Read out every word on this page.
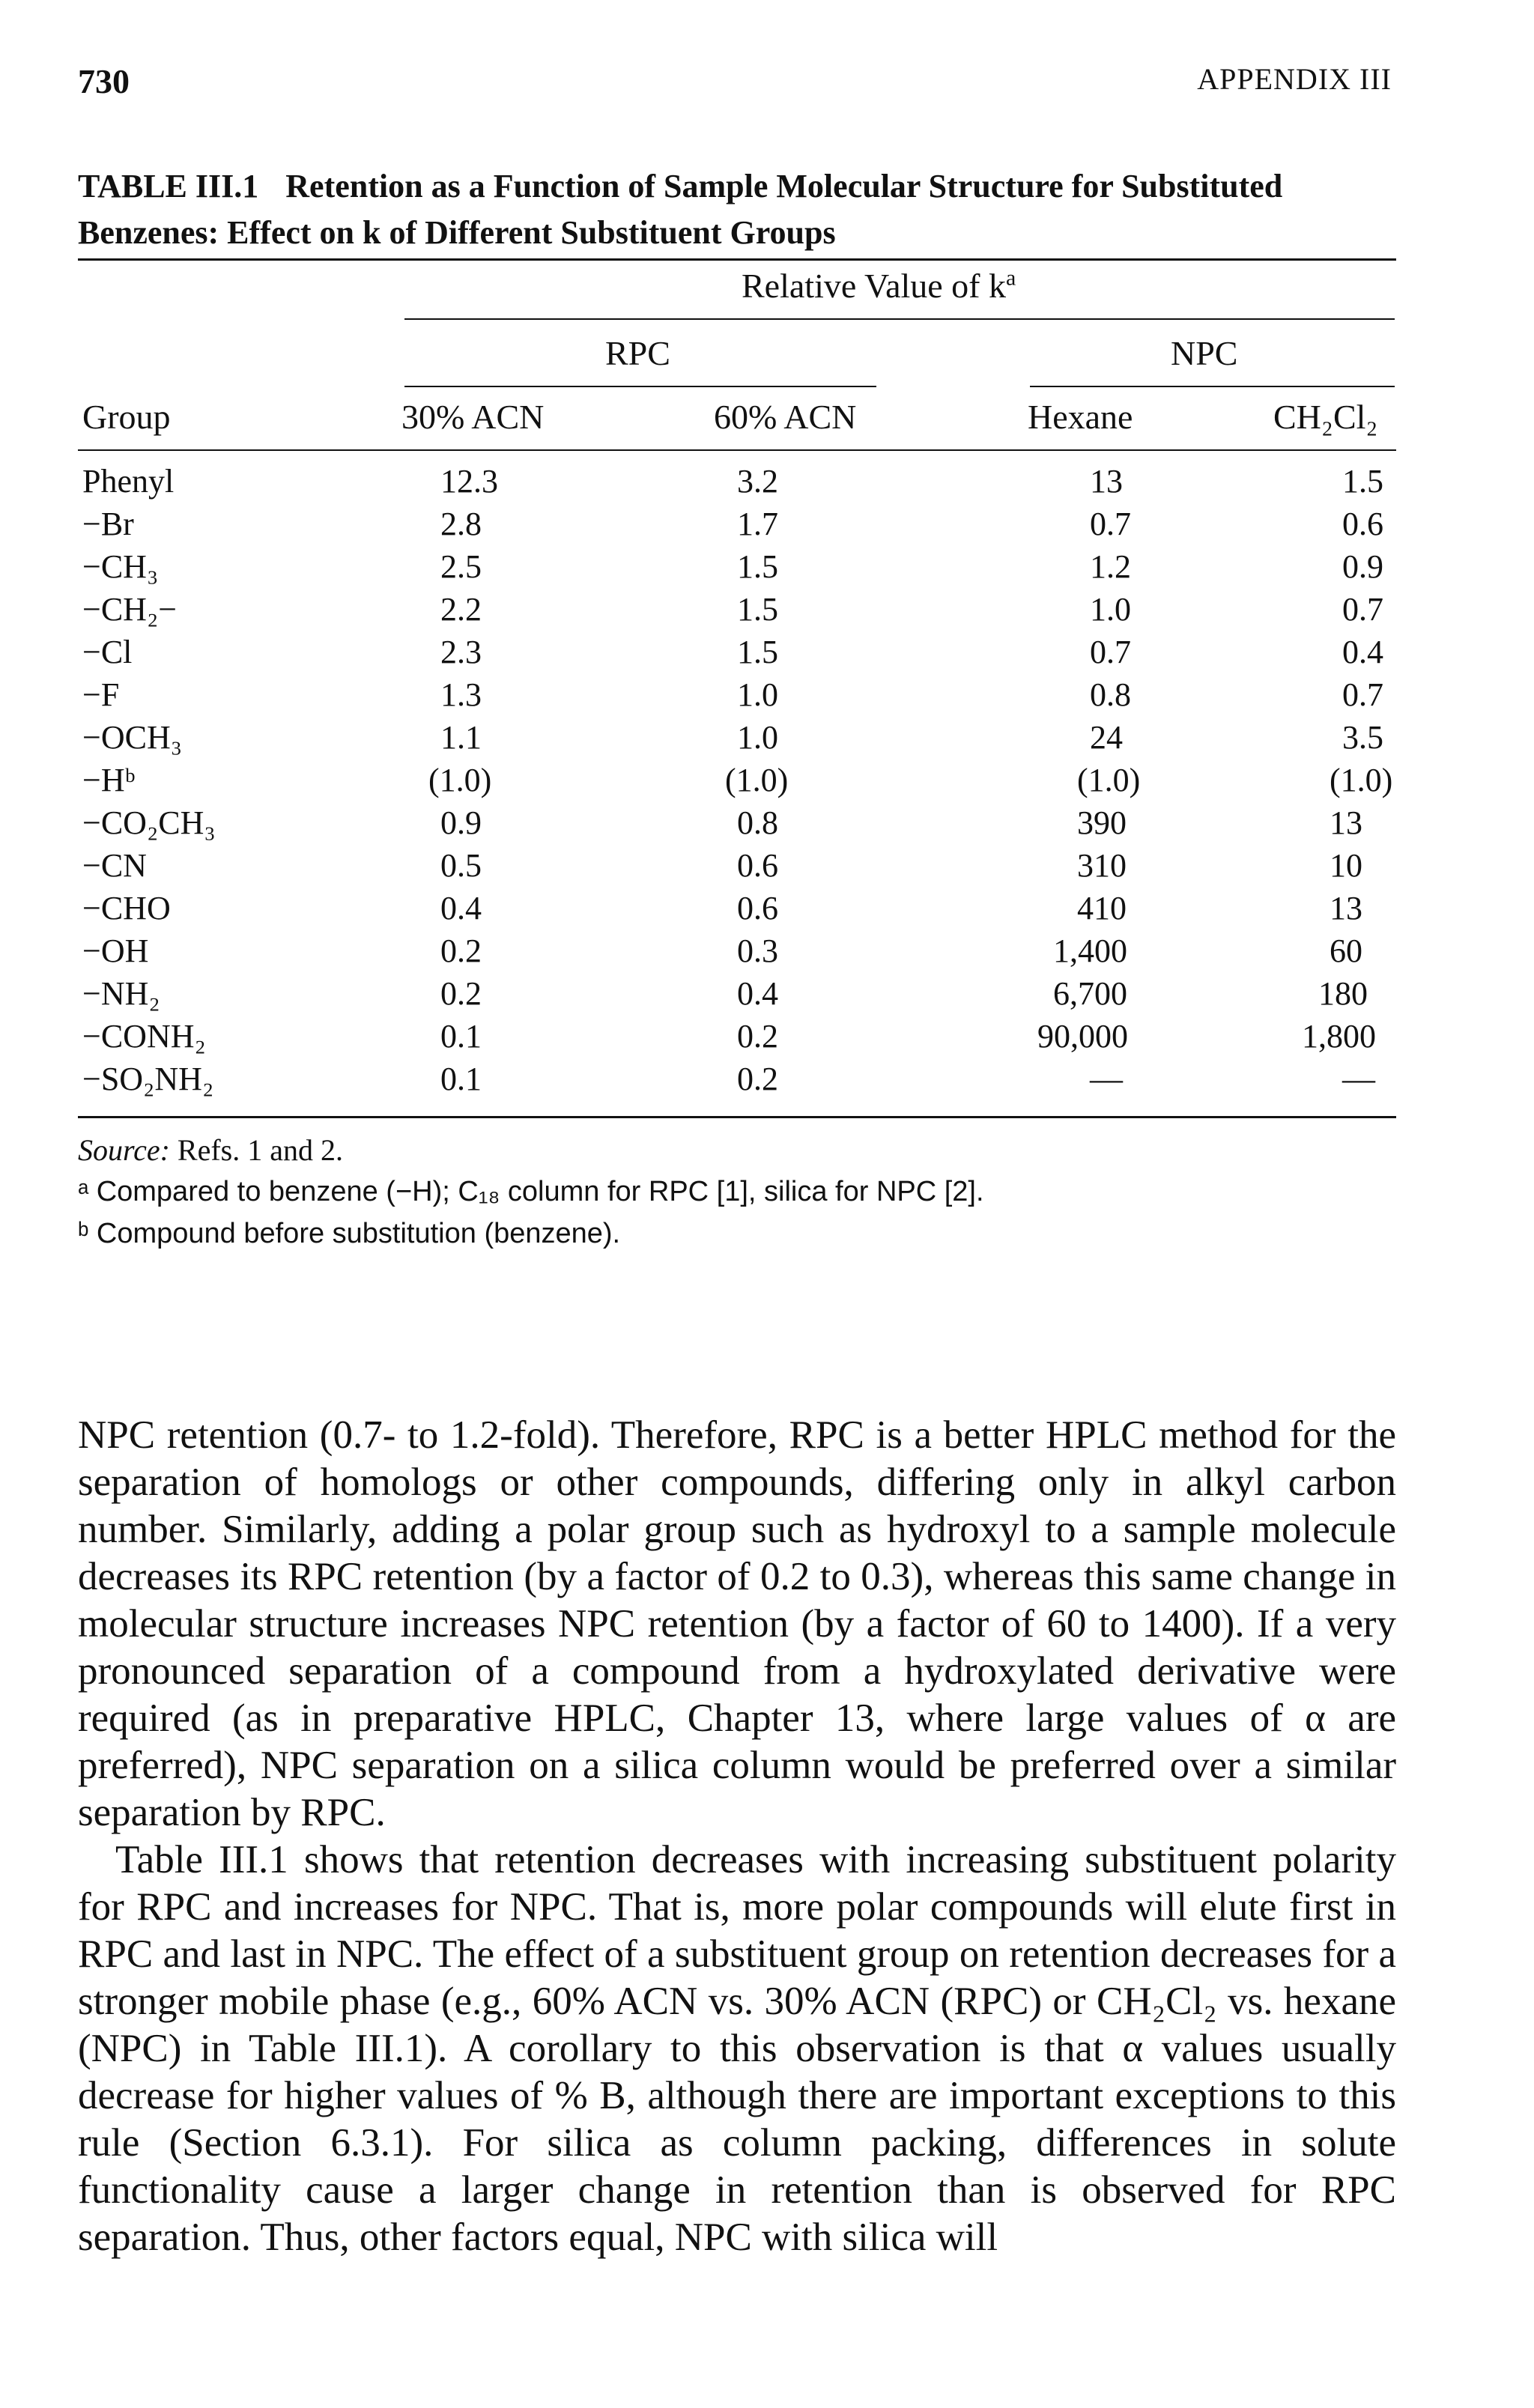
730	APPENDIX III
TABLE III.1 Retention as a Function of Sample Molecular Structure for Substituted Benzenes: Effect on k of Different Substituent Groups
Relative Value of $k^a$
RPC	NPC
Group	30% ACN	60% ACN	Hexane	CH₂Cl₂
Phenyl	12.3	3.2	13	1.5
−Br	2.8	1.7	0.7	0.6
−CH₃	2.5	1.5	1.2	0.9
−CH₂−	2.2	1.5	1.0	0.7
−Cl	2.3	1.5	0.7	0.4
−F	1.3	1.0	0.8	0.7
−OCH₃	1.1	1.0	24	3.5
−Hᵇ	(1.0)	(1.0)	(1.0)	(1.0)
−CO₂CH₃	0.9	0.8	390	13
−CN	0.5	0.6	310	10
−CHO	0.4	0.6	410	13
−OH	0.2	0.3	1,400	60
−NH₂	0.2	0.4	6,700	180
−CONH₂	0.1	0.2	90,000	1,800
−SO₂NH₂	0.1	0.2	—	—
Source: Refs. 1 and 2.
ᵃ Compared to benzene (−H); C₁₈ column for RPC [1], silica for NPC [2].
ᵇ Compound before substitution (benzene).

NPC retention (0.7- to 1.2-fold). Therefore, RPC is a better HPLC method for the separation of homologs or other compounds, differing only in alkyl carbon number. Similarly, adding a polar group such as hydroxyl to a sample molecule decreases its RPC retention (by a factor of 0.2 to 0.3), whereas this same change in molecular structure increases NPC retention (by a factor of 60 to 1400). If a very pronounced separation of a compound from a hydroxylated derivative were required (as in preparative HPLC, Chapter 13, where large values of α are preferred), NPC separation on a silica column would be preferred over a similar separation by RPC.

Table III.1 shows that retention decreases with increasing substituent polarity for RPC and increases for NPC. That is, more polar compounds will elute first in RPC and last in NPC. The effect of a substituent group on retention decreases for a stronger mobile phase (e.g., 60% ACN vs. 30% ACN (RPC) or CH₂Cl₂ vs. hexane (NPC) in Table III.1). A corollary to this observation is that α values usually decrease for higher values of % B, although there are important exceptions to this rule (Section 6.3.1). For silica as column packing, differences in solute functionality cause a larger change in retention than is observed for RPC separation. Thus, other factors equal, NPC with silica will
